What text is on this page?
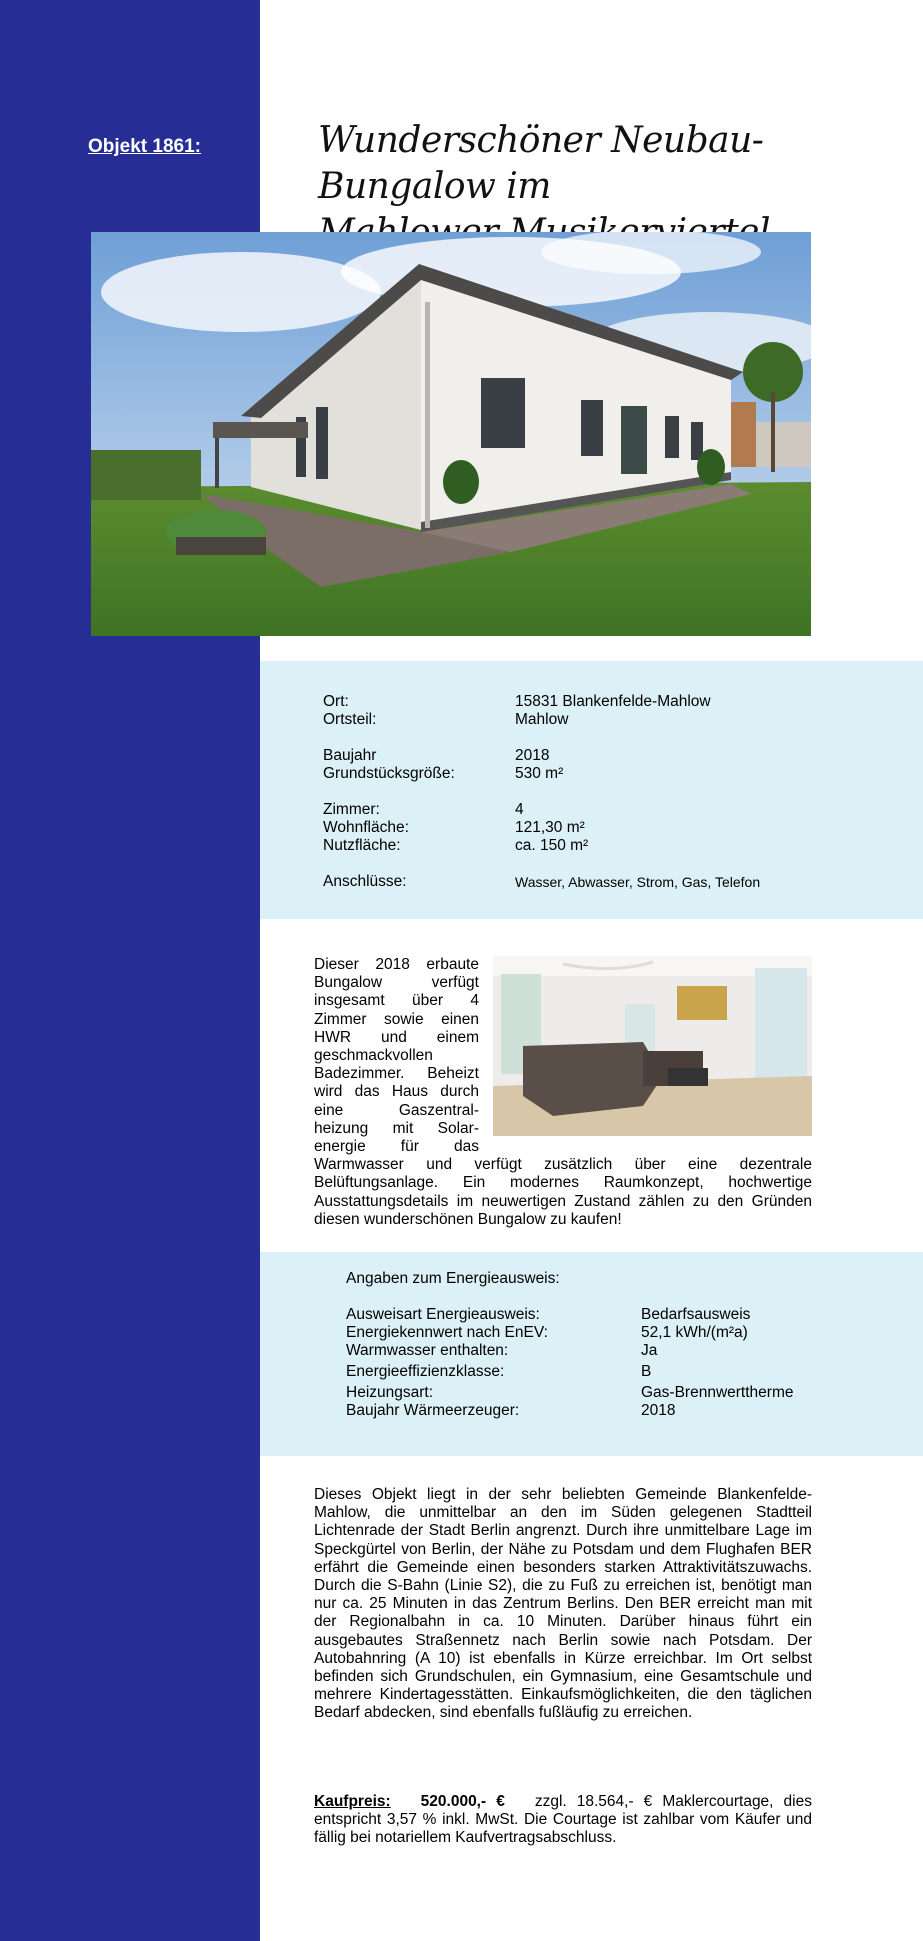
Objekt 1861:	Wunderschöner Neubau-Bungalow im
Ort:	15831 Blankenfelde-Mahlow
Ortsteil:	Mahlow
Baujahr	2018
Grundstücksgröße:	530 m²
Zimmer:	4
Wohnfläche:	121,30 m²
Nutzfläche:	ca. 150 m²
Anschlüsse:	Wasser, Abwasser, Strom, Gas, Telefon
Dieser 2018 erbaute Bungalow verfügt insgesamt über 4 Zimmer sowie einen HWR und einem geschmackvollen Badezimmer. Beheizt wird das Haus durch eine Gaszentral-heizung mit Solar-energie für das Warmwasser und verfügt zusätzlich über eine dezentrale Belüftungsanlage. Ein modernes Raumkonzept, hochwertige Ausstattungsdetails im neuwertigen Zustand zählen zu den Gründen diesen wunderschönen Bungalow zu kaufen!
Angaben zum Energieausweis:
Ausweisart Energieausweis:	Bedarfsausweis
Energiekennwert nach EnEV:	52,1 kWh/(m²a)
Warmwasser enthalten:	Ja
Energieeffizienzklasse:	B
Heizungsart:	Gas-Brennwerttherme
Baujahr Wärmeerzeuger:	2018
Dieses Objekt liegt in der sehr beliebten Gemeinde Blankenfelde-Mahlow, die unmittelbar an den im Süden gelegenen Stadtteil Lichtenrade der Stadt Berlin angrenzt. Durch ihre unmittelbare Lage im Speckgürtel von Berlin, der Nähe zu Potsdam und dem Flughafen BER erfährt die Gemeinde einen besonders starken Attraktivitätszuwachs. Durch die S-Bahn (Linie S2), die zu Fuß zu erreichen ist, benötigt man nur ca. 25 Minuten in das Zentrum Berlins. Den BER erreicht man mit der Regionalbahn in ca. 10 Minuten. Darüber hinaus führt ein ausgebautes Straßennetz nach Berlin sowie nach Potsdam. Der Autobahnring (A 10) ist ebenfalls in Kürze erreichbar. Im Ort selbst befinden sich Grundschulen, ein Gymnasium, eine Gesamtschule und mehrere Kindertagesstätten. Einkaufsmöglichkeiten, die den täglichen Bedarf abdecken, sind ebenfalls fußläufig zu erreichen.
Kaufpreis: 520.000,- € zzgl. 18.564,- € Maklercourtage, dies entspricht 3,57 % inkl. MwSt. Die Courtage ist zahlbar vom Käufer und fällig bei notariellem Kaufvertragsabschluss.
